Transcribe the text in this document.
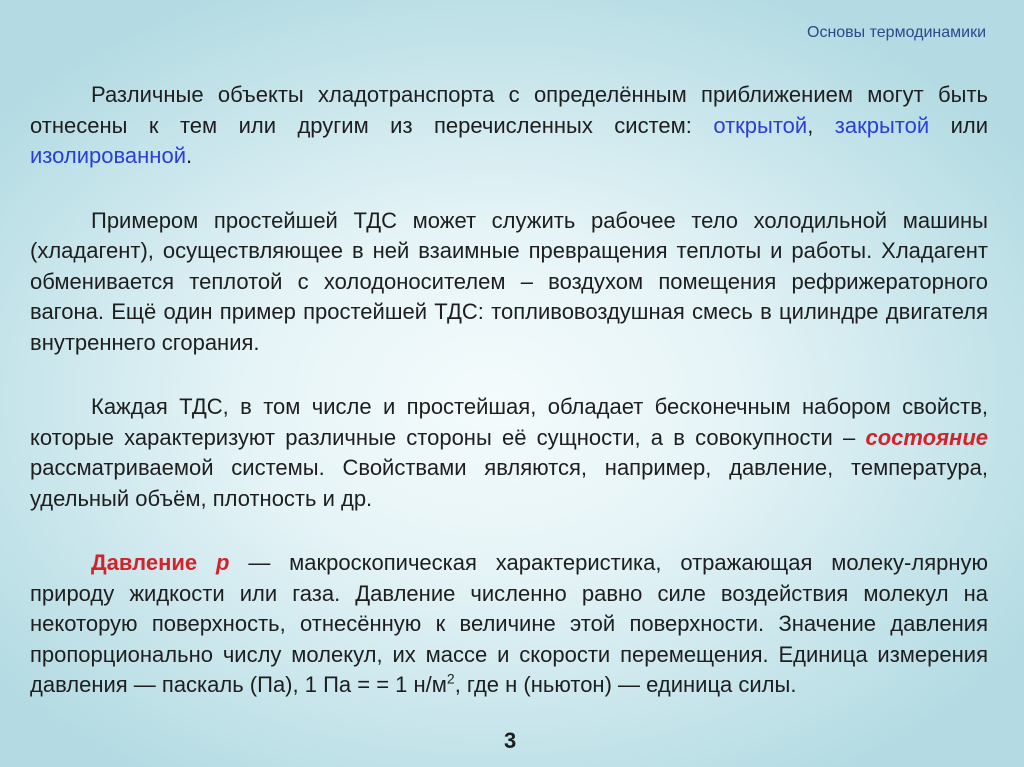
Основы термодинамики

Различные объекты хладотранспорта с определённым приближением могут быть отнесены к тем или другим из перечисленных систем: открытой, закрытой или изолированной.

Примером простейшей ТДС может служить рабочее тело холодильной машины (хладагент), осуществляющее в ней взаимные превращения теплоты и работы. Хладагент обменивается теплотой с холодоносителем – воздухом помещения рефрижераторного вагона. Ещё один пример простейшей ТДС: топливовоздушная смесь в цилиндре двигателя внутреннего сгорания.

Каждая ТДС, в том числе и простейшая, обладает бесконечным набором свойств, которые характеризуют различные стороны её сущности, а в совокупности – состояние рассматриваемой системы. Свойствами являются, например, давление, температура, удельный объём, плотность и др.

Давление p — макроскопическая характеристика, отражающая молеку-лярную природу жидкости или газа. Давление численно равно силе воздействия молекул на некоторую поверхность, отнесённую к величине этой поверхности. Значение давления пропорционально числу молекул, их массе и скорости перемещения. Единица измерения давления — паскаль (Па), 1 Па = = 1 $н/м^2$, где н (ньютон) — единица силы.

3
